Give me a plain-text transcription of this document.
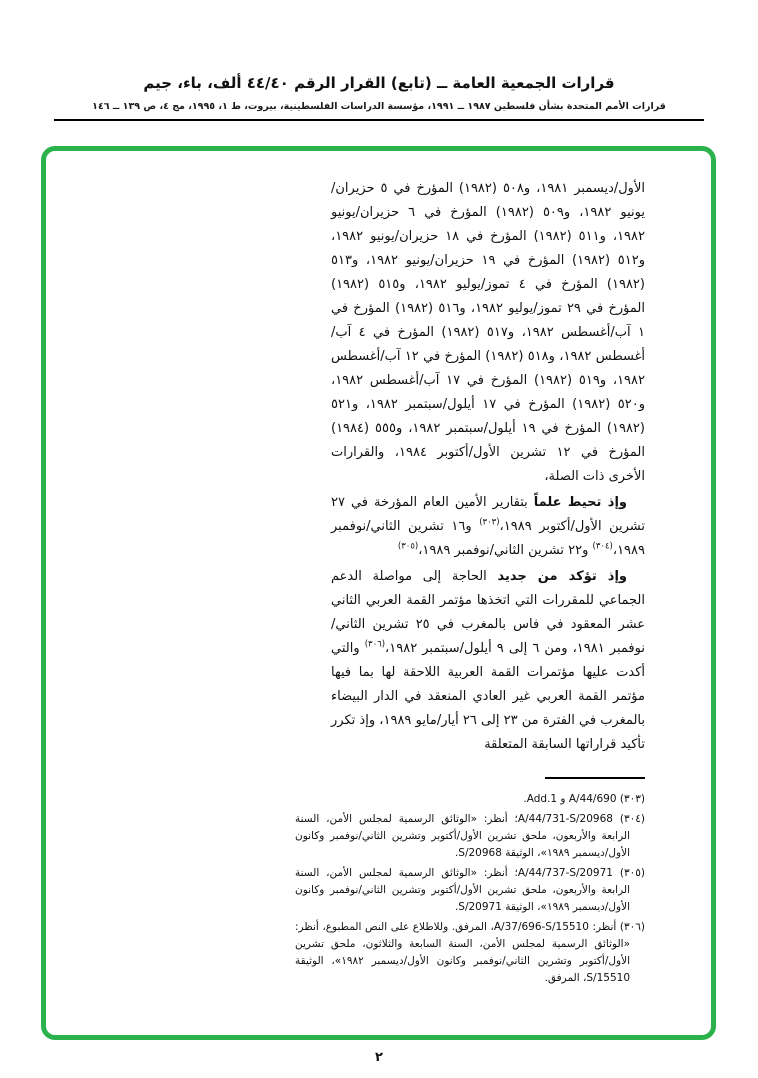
قرارات الجمعية العامة ــ (تابع) القرار الرقم ٤٤/٤٠ ألف، باء، جيم
قرارات الأمم المتحدة بشأن فلسطين ١٩٨٧ ــ ١٩٩١، مؤسسة الدراسات الفلسطينية، بيروت، ط ١، ١٩٩٥، مج ٤، ص ١٣٩ ــ ١٤٦

الأول/ديسمبر ١٩٨١، و٥٠٨ (١٩٨٢) المؤرخ في ٥ حزيران/يونيو ١٩٨٢، و٥٠٩ (١٩٨٢) المؤرخ في ٦ حزيران/يونيو ١٩٨٢، و٥١١ (١٩٨٢) المؤرخ في ١٨ حزيران/يونيو ١٩٨٢، و٥١٢ (١٩٨٢) المؤرخ في ١٩ حزيران/يونيو ١٩٨٢، و٥١٣ (١٩٨٢) المؤرخ في ٤ تموز/يوليو ١٩٨٢، و٥١٥ (١٩٨٢) المؤرخ في ٢٩ تموز/يوليو ١٩٨٢، و٥١٦ (١٩٨٢) المؤرخ في ١ آب/أغسطس ١٩٨٢، و٥١٧ (١٩٨٢) المؤرخ في ٤ آب/أغسطس ١٩٨٢، و٥١٨ (١٩٨٢) المؤرخ في ١٢ آب/أغسطس ١٩٨٢، و٥١٩ (١٩٨٢) المؤرخ في ١٧ آب/أغسطس ١٩٨٢، و٥٢٠ (١٩٨٢) المؤرخ في ١٧ أيلول/سبتمبر ١٩٨٢، و٥٢١ (١٩٨٢) المؤرخ في ١٩ أيلول/سبتمبر ١٩٨٢، و٥٥٥ (١٩٨٤) المؤرخ في ١٢ تشرين الأول/أكتوبر ١٩٨٤، والقرارات الأخرى ذات الصلة،

وإذ تحيط علماً بتقارير الأمين العام المؤرخة في ٢٧ تشرين الأول/أكتوبر ١٩٨٩،$^{(٣٠٣)}$ و١٦ تشرين الثاني/نوفمبر ١٩٨٩،$^{(٣٠٤)}$ و٢٢ تشرين الثاني/نوفمبر ١٩٨٩،$^{(٣٠٥)}$

وإذ تؤكد من جديد الحاجة إلى مواصلة الدعم الجماعي للمقررات التي اتخذها مؤتمر القمة العربي الثاني عشر المعقود في فاس بالمغرب في ٢٥ تشرين الثاني/نوفمبر ١٩٨١، ومن ٦ إلى ٩ أيلول/سبتمبر ١٩٨٢،$^{(٣٠٦)}$ والتي أكدت عليها مؤتمرات القمة العربية اللاحقة لها بما فيها مؤتمر القمة العربي غير العادي المنعقد في الدار البيضاء بالمغرب في الفترة من ٢٣ إلى ٢٦ أيار/مايو ١٩٨٩، وإذ تكرر تأكيد قراراتها السابقة المتعلقة

(٣٠٣) A/44/690 و Add.1.

(٣٠٤) A/44/731-S/20968؛ أنظر: «الوثائق الرسمية لمجلس الأمن، السنة الرابعة والأربعون، ملحق تشرين الأول/أكتوبر وتشرين الثاني/نوفمبر وكانون الأول/ديسمبر ١٩٨٩»، الوثيقة S/20968.

(٣٠٥) A/44/737-S/20971؛ أنظر: «الوثائق الرسمية لمجلس الأمن، السنة الرابعة والأربعون، ملحق تشرين الأول/أكتوبر وتشرين الثاني/نوفمبر وكانون الأول/ديسمبر ١٩٨٩»، الوثيقة S/20971.

(٣٠٦) أنظر: A/37/696-S/15510، المرفق. وللاطلاع على النص المطبوع، أنظر: «الوثائق الرسمية لمجلس الأمن، السنة السابعة والثلاثون، ملحق تشرين الأول/أكتوبر وتشرين الثاني/نوفمبر وكانون الأول/ديسمبر ١٩٨٢»، الوثيقة S/15510، المرفق.

٢
